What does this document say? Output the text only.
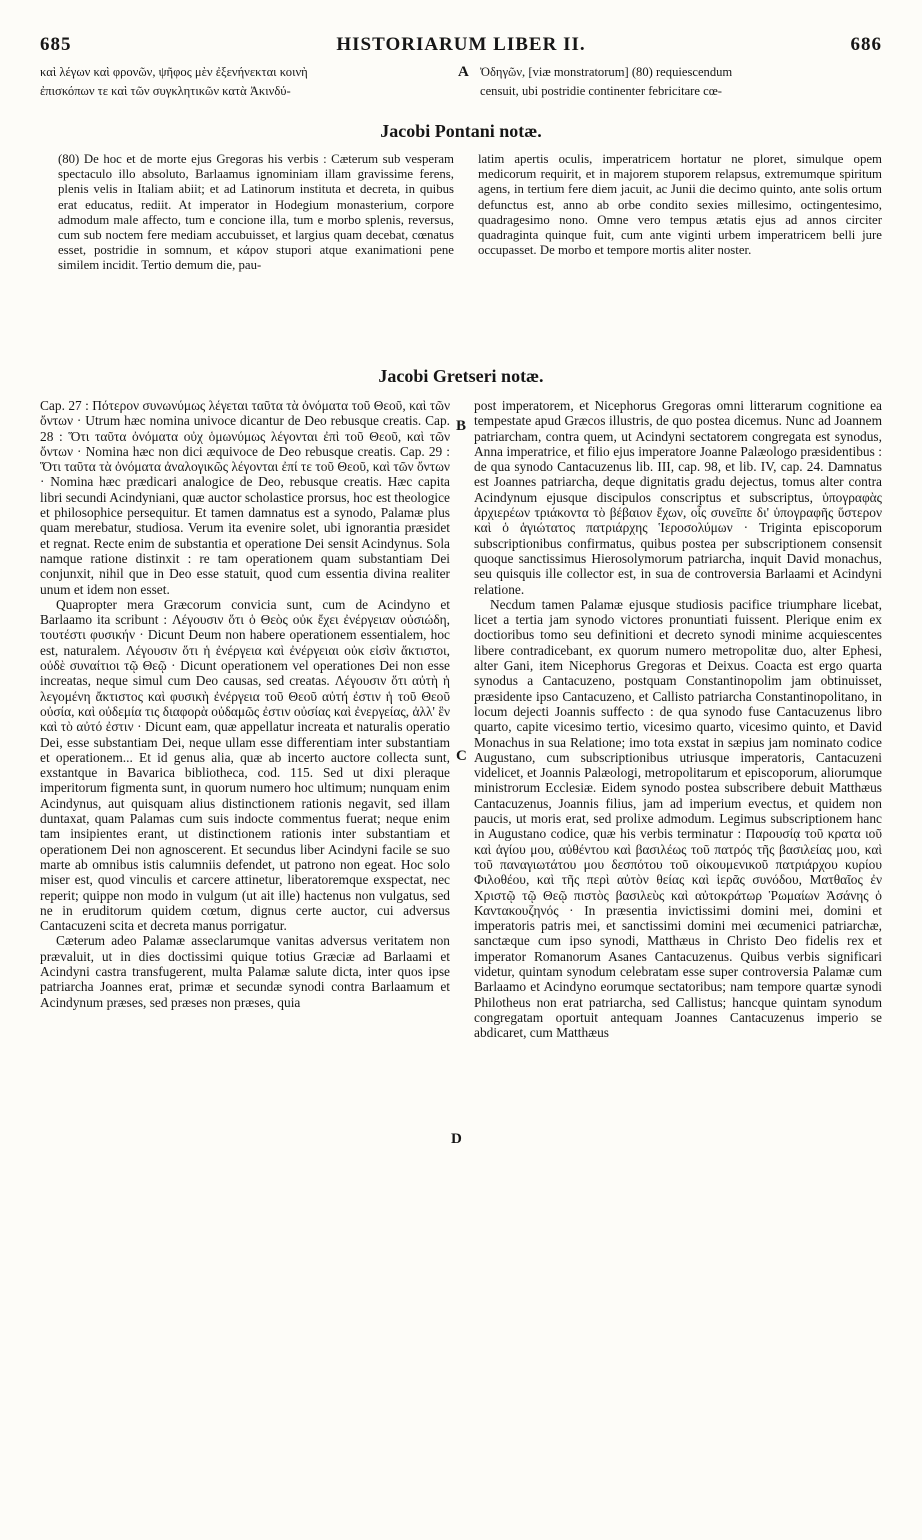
685	HISTORIARUM LIBER II.	686
καὶ λέγων καὶ φρονῶν, ψῆφος μὲν ἐξενήνεκται κοινὴ
ἐπισκόπων τε καὶ τῶν συγκλητικῶν κατὰ Ἀκινδύ-
A Ὀδηγῶν, [viæ monstratorum] (80) requiescendum
censuit, ubi postridie continenter febricitare cœ-
Jacobi Pontani notæ.

(80) De hoc et de morte ejus Gregoras his verbis : Cæterum sub vesperam spectaculo illo absoluto, Barlaamus ignominiam illam gravissime ferens, plenis velis in Italiam abiit; et ad Latinorum instituta et decreta, in quibus erat educatus, rediit. At imperator in Hodegium monasterium, corpore admodum male affecto, tum e concione illa, tum e morbo splenis, reversus, cum sub noctem fere mediam accubuisset, et largius quam decebat, cœnatus esset, postridie in somnum, et κάρον stupori atque exanimationi pene similem incidit. Tertio demum die, pau-

latim apertis oculis, imperatricem hortatur ne ploret, simulque opem medicorum requirit, et in majorem stuporem relapsus, extremumque spiritum agens, in tertium fere diem jacuit, ac Junii die decimo quinto, ante solis ortum defunctus est, anno ab orbe condito sexies millesimo, octingentesimo, quadragesimo nono. Omne vero tempus ætatis ejus ad annos circiter quadraginta quinque fuit, cum ante viginti urbem imperatricem belli jure occupasset. De morbo et tempore mortis aliter noster.

Jacobi Gretseri notæ.

Cap. 27 : Πότερον συνωνύμως λέγεται ταῦτα τὰ ὀνόματα τοῦ Θεοῦ, καὶ τῶν ὄντων · Utrum hæc nomina univoce dicantur de Deo rebusque creatis. Cap. 28 : Ὅτι ταῦτα ὀνόματα οὐχ ὁμωνύμως λέγονται ἐπὶ τοῦ Θεοῦ, καὶ τῶν ὄντων · Nomina hæc non dici æquivoce de Deo rebusque creatis. Cap. 29 : Ὅτι ταῦτα τὰ ὀνόματα ἀναλογικῶς λέγονται ἐπί τε τοῦ Θεοῦ, καὶ τῶν ὄντων · Nomina hæc prædicari analogice de Deo, rebusque creatis. Hæc capita libri secundi Acindyniani, quæ auctor scholastice prorsus, hoc est theologice et philosophice persequitur. Et tamen damnatus est a synodo, Palamæ plus quam merebatur, studiosa. Verum ita evenire solet, ubi ignorantia præsidet et regnat. Recte enim de substantia et operatione Dei sensit Acindynus. Sola namque ratione distinxit : re tam operationem quam substantiam Dei conjunxit, nihil que in Deo esse statuit, quod cum essentia divina realiter unum et idem non esset.

Quapropter mera Græcorum convicia sunt, cum de Acindyno et Barlaamo ita scribunt : Λέγουσιν ὅτι ὁ Θεὸς οὐκ ἔχει ἐνέργειαν οὐσιώδη, τουτέστι φυσικήν · Dicunt Deum non habere operationem essentialem, hoc est, naturalem. Λέγουσιν ὅτι ἡ ἐνέργεια καὶ ἐνέργειαι οὐκ εἰσὶν ἄκτιστοι, οὐδὲ συναίτιοι τῷ Θεῷ · Dicunt operationem vel operationes Dei non esse increatas, neque simul cum Deo causas, sed creatas. Λέγουσιν ὅτι αὐτὴ ἡ λεγομένη ἄκτιστος καὶ φυσικὴ ἐνέργεια τοῦ Θεοῦ αὐτή ἐστιν ἡ τοῦ Θεοῦ οὐσία, καὶ οὐδεμία τις διαφορὰ οὐδαμῶς ἐστιν οὐσίας καὶ ἐνεργείας, ἀλλ' ἓν καὶ τὸ αὐτό ἐστιν · Dicunt eam, quæ appellatur increata et naturalis operatio Dei, esse substantiam Dei, neque ullam esse differentiam inter substantiam et operationem... Et id genus alia, quæ ab incerto auctore collecta sunt, exstantque in Bavarica bibliotheca, cod. 115. Sed ut dixi pleraque imperitorum figmenta sunt, in quorum numero hoc ultimum; nunquam enim Acindynus, aut quisquam alius distinctionem rationis negavit, sed illam duntaxat, quam Palamas cum suis indocte commentus fuerat; neque enim tam insipientes erant, ut distinctionem rationis inter substantiam et operationem Dei non agnoscerent. Et secundus liber Acindyni facile se suo marte ab omnibus istis calumniis defendet, ut patrono non egeat. Hoc solo miser est, quod vinculis et carcere attinetur, liberatoremque exspectat, nec reperit; quippe non modo in vulgum (ut ait ille) hactenus non vulgatus, sed ne in eruditorum quidem cœtum, dignus certe auctor, cui adversus Cantacuzeni scita et decreta manus porrigatur.

Cæterum adeo Palamæ asseclarumque vanitas adversus veritatem non prævaluit, ut in dies doctissimi quique totius Græciæ ad Barlaami et Acindyni castra transfugerent, multa Palamæ salute dicta, inter quos ipse patriarcha Joannes erat, primæ et secundæ synodi contra Barlaamum et Acindynum præses, sed præses non præses, quia

B
C
D

post imperatorem, et Nicephorus Gregoras omni litterarum cognitione ea tempestate apud Græcos illustris, de quo postea dicemus. Nunc ad Joannem patriarcham, contra quem, ut Acindyni sectatorem congregata est synodus, Anna imperatrice, et filio ejus imperatore Joanne Palæologo præsidentibus : de qua synodo Cantacuzenus lib. III, cap. 98, et lib. IV, cap. 24. Damnatus est Joannes patriarcha, deque dignitatis gradu dejectus, tomus alter contra Acindynum ejusque discipulos conscriptus et subscriptus, ὑπογραφὰς ἀρχιερέων τριάκοντα τὸ βέβαιον ἔχων, οἷς συνεῖπε δι' ὑπογραφῆς ὕστερον καὶ ὁ ἁγιώτατος πατριάρχης Ἱεροσολύμων · Triginta episcoporum subscriptionibus confirmatus, quibus postea per subscriptionem consensit quoque sanctissimus Hierosolymorum patriarcha, inquit David monachus, seu quisquis ille collector est, in sua de controversia Barlaami et Acindyni relatione.

Necdum tamen Palamæ ejusque studiosis pacifice triumphare licebat, licet a tertia jam synodo victores pronuntiati fuissent. Plerique enim ex doctioribus tomo seu definitioni et decreto synodi minime acquiescentes libere contradicebant, ex quorum numero metropolitæ duo, alter Ephesi, alter Gani, item Nicephorus Gregoras et Deixus. Coacta est ergo quarta synodus a Cantacuzeno, postquam Constantinopolim jam obtinuisset, præsidente ipso Cantacuzeno, et Callisto patriarcha Constantinopolitano, in locum dejecti Joannis suffecto : de qua synodo fuse Cantacuzenus libro quarto, capite vicesimo tertio, vicesimo quarto, vicesimo quinto, et David Monachus in sua Relatione; imo tota exstat in sæpius jam nominato codice Augustano, cum subscriptionibus utriusque imperatoris, Cantacuzeni videlicet, et Joannis Palæologi, metropolitarum et episcoporum, aliorumque ministrorum Ecclesiæ. Eidem synodo postea subscribere debuit Matthæus Cantacuzenus, Joannis filius, jam ad imperium evectus, et quidem non paucis, ut moris erat, sed prolixe admodum. Legimus subscriptionem hanc in Augustano codice, quæ his verbis terminatur : Παρουσίᾳ τοῦ κρατα ιοῦ καὶ ἁγίου μου, αὐθέντου καὶ βασιλέως τοῦ πατρός τῆς βασιλείας μου, καὶ τοῦ παναγιωτάτου μου δεσπότου τοῦ οἰκουμενικοῦ πατριάρχου κυρίου Φιλοθέου, καὶ τῆς περὶ αὐτὸν θείας καὶ ἱερᾶς συνόδου, Ματθαῖος ἐν Χριστῷ τῷ Θεῷ πιστὸς βασιλεὺς καὶ αὐτοκράτωρ Ῥωμαίων Ἀσάνης ὁ Καντακουζηνός · In præsentia invictissimi domini mei, domini et imperatoris patris mei, et sanctissimi domini mei œcumenici patriarchæ, sanctæque cum ipso synodi, Matthæus in Christo Deo fidelis rex et imperator Romanorum Asanes Cantacuzenus. Quibus verbis significari videtur, quintam synodum celebratam esse super controversia Palamæ cum Barlaamo et Acindyno eorumque sectatoribus; nam tempore quartæ synodi Philotheus non erat patriarcha, sed Callistus; hancque quintam synodum congregatam oportuit antequam Joannes Cantacuzenus imperio se abdicaret, cum Matthæus
